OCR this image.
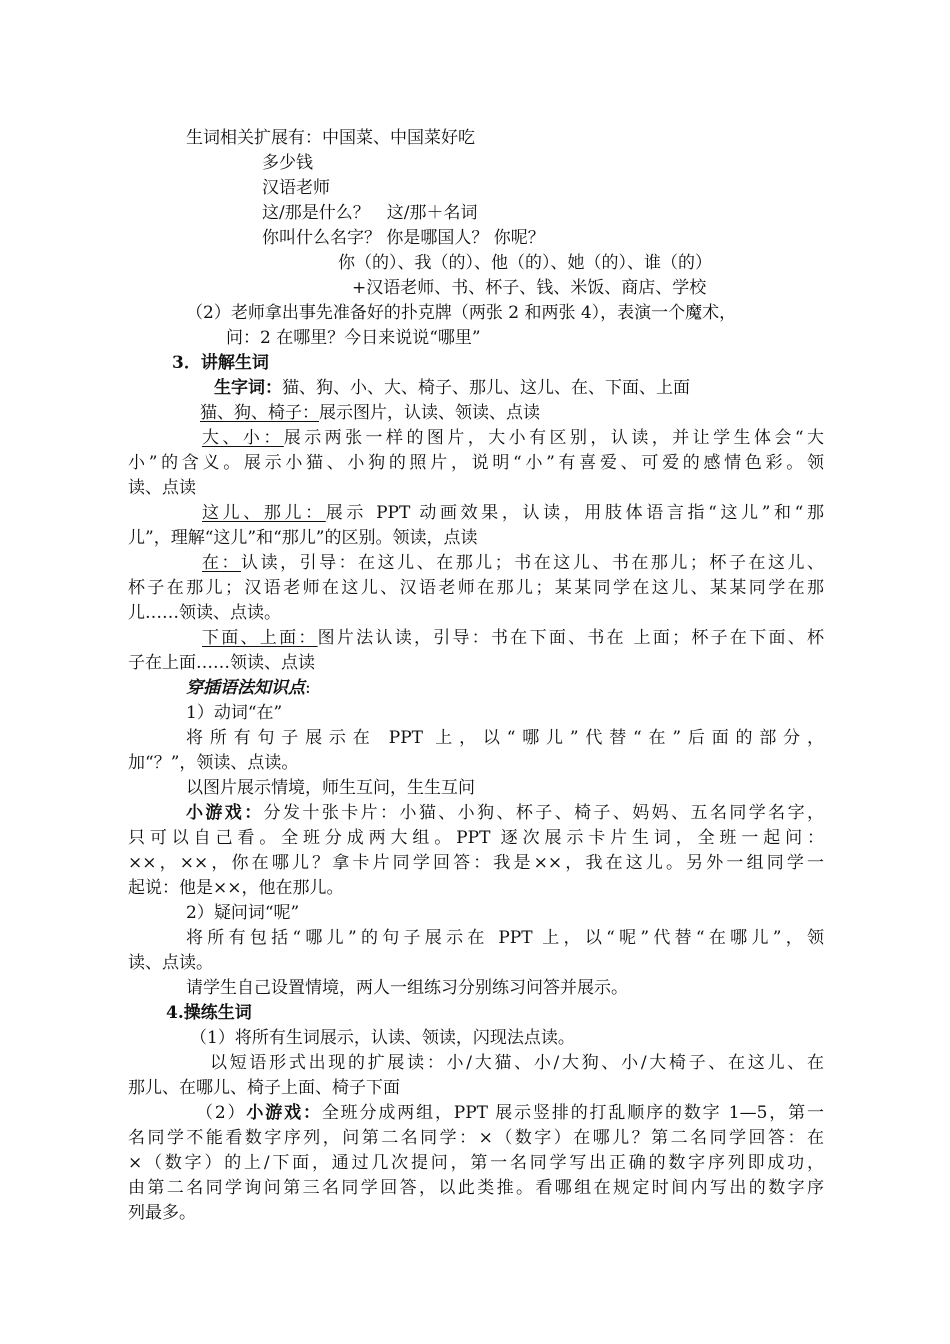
生词相关扩展有：中国菜、中国菜好吃
多少钱
汉语老师
这/那是什么？　这/那＋名词
你叫什么名字？ 你是哪国人？ 你呢？
你（的）、我（的）、他（的）、她（的）、谁（的）
+汉语老师、书、杯子、钱、米饭、商店、学校
（2）老师拿出事先准备好的扑克牌（两张 2 和两张 4），表演一个魔术，
问：2 在哪里？今日来说说“哪里”
3．讲解生词
生字词：猫、狗、小、大、椅子、那儿、这儿、在、下面、上面
猫、狗、椅子：展示图片，认读、领读、点读
大、小：展示两张一样的图片，大小有区别，认读，并让学生体会“大
小”的含义。展示小猫、小狗的照片，说明“小”有喜爱、可爱的感情色彩。领
读、点读
这儿、那儿：展示 PPT 动画效果，认读，用肢体语言指“这儿”和“那
儿”，理解“这儿”和“那儿”的区别。领读，点读
在：认读，引导：在这儿、在那儿；书在这儿、书在那儿；杯子在这儿、
杯子在那儿；汉语老师在这儿、汉语老师在那儿；某某同学在这儿、某某同学在那
儿……领读、点读。
下面、上面：图片法认读，引导：书在下面、书在 上面；杯子在下面、杯
子在上面……领读、点读
穿插语法知识点:
1）动词“在”
将所有句子展示在 PPT 上，以“哪儿”代替“在”后面的部分，
加“？”，领读、点读。
以图片展示情境，师生互问，生生互问
小游戏：分发十张卡片：小猫、小狗、杯子、椅子、妈妈、五名同学名字，
只可以自己看。全班分成两大组。PPT 逐次展示卡片生词，全班一起问：
××，××，你在哪儿？拿卡片同学回答：我是××，我在这儿。另外一组同学一
起说：他是××，他在那儿。
2）疑问词“呢”
将所有包括“哪儿”的句子展示在 PPT 上，以“呢”代替“在哪儿”，领
读、点读。
请学生自己设置情境，两人一组练习分别练习问答并展示。
4.操练生词
（1）将所有生词展示，认读、领读，闪现法点读。
以短语形式出现的扩展读：小/大猫、小/大狗、小/大椅子、在这儿、在
那儿、在哪儿、椅子上面、椅子下面
（2）小游戏：全班分成两组，PPT 展示竖排的打乱顺序的数字 1—5，第一
名同学不能看数字序列，问第二名同学：×（数字）在哪儿？第二名同学回答：在
×（数字）的上/下面，通过几次提问，第一名同学写出正确的数字序列即成功，
由第二名同学询问第三名同学回答，以此类推。看哪组在规定时间内写出的数字序
列最多。
